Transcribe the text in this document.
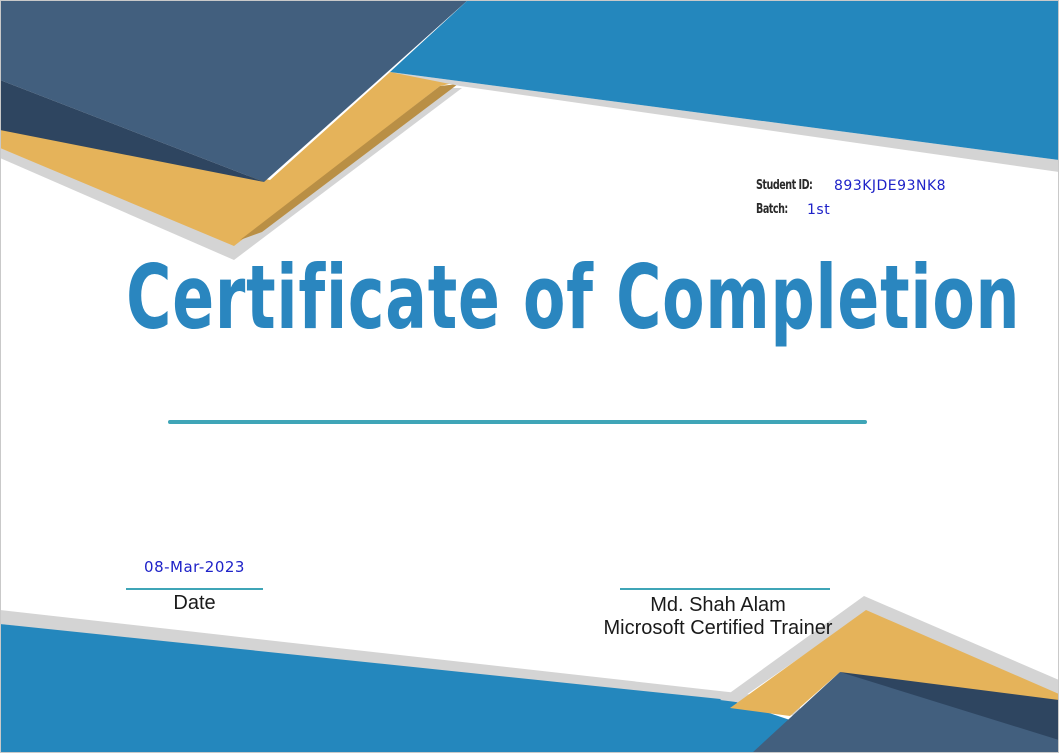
Student ID: 893KJDE93NK8
Batch: 1st
Certificate of Completion
08-Mar-2023
Date	Md. Shah Alam
Microsoft Certified Trainer
